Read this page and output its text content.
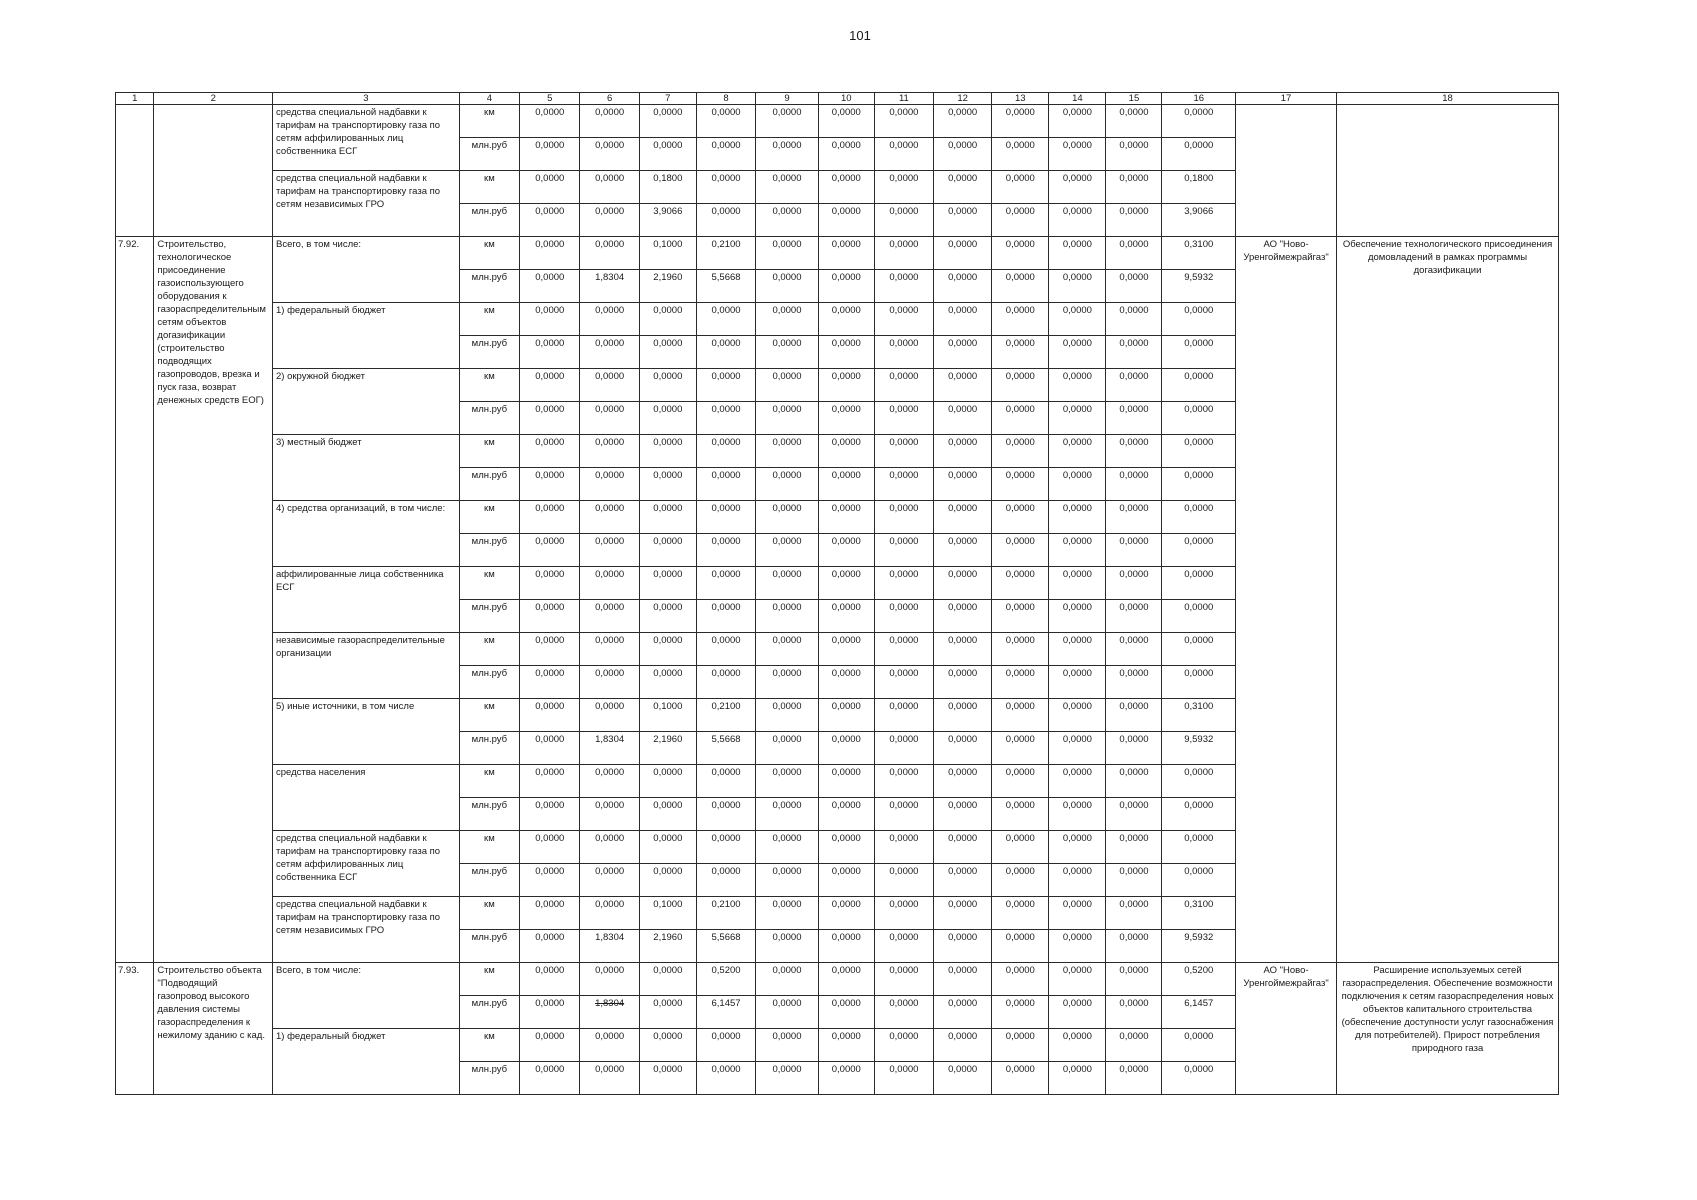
101
1	2	3	4	5	6	7	8	9	10	11	12	13	14	15	16	17	18
		средства специальной надбавки к тарифам на транспортировку газа по сетям аффилированных лиц собственника ЕСГ	км	0,0000	0,0000	0,0000	0,0000	0,0000	0,0000	0,0000	0,0000	0,0000	0,0000	0,0000	0,0000		
			млн.руб	0,0000	0,0000	0,0000	0,0000	0,0000	0,0000	0,0000	0,0000	0,0000	0,0000	0,0000	0,0000		
		средства специальной надбавки к тарифам на транспортировку газа по сетям независимых ГРО	км	0,0000	0,0000	0,1800	0,0000	0,0000	0,0000	0,0000	0,0000	0,0000	0,0000	0,0000	0,1800		
			млн.руб	0,0000	0,0000	3,9066	0,0000	0,0000	0,0000	0,0000	0,0000	0,0000	0,0000	0,0000	3,9066		
7.92.	Строительство, технологическое присоединение газоиспользующего оборудования к газораспределительным сетям объектов догазификации (строительство подводящих газопроводов, врезка и пуск газа, возврат денежных средств ЕОГ)	Всего, в том числе:	км	0,0000	0,0000	0,1000	0,2100	0,0000	0,0000	0,0000	0,0000	0,0000	0,0000	0,0000	0,3100	АО "Ново-Уренгоймежрайгаз"	Обеспечение технологического присоединения домовладений в рамках программы догазификации
			млн.руб	0,0000	1,8304	2,1960	5,5668	0,0000	0,0000	0,0000	0,0000	0,0000	0,0000	0,0000	9,5932		
		1) федеральный бюджет	км	0,0000	0,0000	0,0000	0,0000	0,0000	0,0000	0,0000	0,0000	0,0000	0,0000	0,0000	0,0000		
			млн.руб	0,0000	0,0000	0,0000	0,0000	0,0000	0,0000	0,0000	0,0000	0,0000	0,0000	0,0000	0,0000		
		2) окружной бюджет	км	0,0000	0,0000	0,0000	0,0000	0,0000	0,0000	0,0000	0,0000	0,0000	0,0000	0,0000	0,0000		
			млн.руб	0,0000	0,0000	0,0000	0,0000	0,0000	0,0000	0,0000	0,0000	0,0000	0,0000	0,0000	0,0000		
		3) местный бюджет	км	0,0000	0,0000	0,0000	0,0000	0,0000	0,0000	0,0000	0,0000	0,0000	0,0000	0,0000	0,0000		
			млн.руб	0,0000	0,0000	0,0000	0,0000	0,0000	0,0000	0,0000	0,0000	0,0000	0,0000	0,0000	0,0000		
		4) средства организаций, в том числе:	км	0,0000	0,0000	0,0000	0,0000	0,0000	0,0000	0,0000	0,0000	0,0000	0,0000	0,0000	0,0000		
			млн.руб	0,0000	0,0000	0,0000	0,0000	0,0000	0,0000	0,0000	0,0000	0,0000	0,0000	0,0000	0,0000		
		аффилированные лица собственника ЕСГ	км	0,0000	0,0000	0,0000	0,0000	0,0000	0,0000	0,0000	0,0000	0,0000	0,0000	0,0000	0,0000		
			млн.руб	0,0000	0,0000	0,0000	0,0000	0,0000	0,0000	0,0000	0,0000	0,0000	0,0000	0,0000	0,0000		
		независимые газораспределительные организации	км	0,0000	0,0000	0,0000	0,0000	0,0000	0,0000	0,0000	0,0000	0,0000	0,0000	0,0000	0,0000		
			млн.руб	0,0000	0,0000	0,0000	0,0000	0,0000	0,0000	0,0000	0,0000	0,0000	0,0000	0,0000	0,0000		
		5) иные источники, в том числе	км	0,0000	0,0000	0,1000	0,2100	0,0000	0,0000	0,0000	0,0000	0,0000	0,0000	0,0000	0,3100		
			млн.руб	0,0000	1,8304	2,1960	5,5668	0,0000	0,0000	0,0000	0,0000	0,0000	0,0000	0,0000	9,5932		
		средства населения	км	0,0000	0,0000	0,0000	0,0000	0,0000	0,0000	0,0000	0,0000	0,0000	0,0000	0,0000	0,0000		
			млн.руб	0,0000	0,0000	0,0000	0,0000	0,0000	0,0000	0,0000	0,0000	0,0000	0,0000	0,0000	0,0000		
		средства специальной надбавки к тарифам на транспортировку газа по сетям аффилированных лиц собственника ЕСГ	км	0,0000	0,0000	0,0000	0,0000	0,0000	0,0000	0,0000	0,0000	0,0000	0,0000	0,0000	0,0000		
			млн.руб	0,0000	0,0000	0,0000	0,0000	0,0000	0,0000	0,0000	0,0000	0,0000	0,0000	0,0000	0,0000		
		средства специальной надбавки к тарифам на транспортировку газа по сетям независимых ГРО	км	0,0000	0,0000	0,1000	0,2100	0,0000	0,0000	0,0000	0,0000	0,0000	0,0000	0,0000	0,3100		
			млн.руб	0,0000	1,8304	2,1960	5,5668	0,0000	0,0000	0,0000	0,0000	0,0000	0,0000	0,0000	9,5932		
7.93.	Строительство объекта "Подводящий газопровод высокого давления системы газораспределения к нежилому зданию с кад.	Всего, в том числе:	км	0,0000	0,0000	0,0000	0,5200	0,0000	0,0000	0,0000	0,0000	0,0000	0,0000	0,0000	0,5200	АО "Ново-Уренгоймежрайгаз"	Расширение используемых сетей газораспределения. Обеспечение возможности подключения к сетям газораспределения новых объектов капитального строительства (обеспечение доступности услуг газоснабжения для потребителей). Прирост потребления природного газа
			млн.руб	0,0000	1,8304	0,0000	6,1457	0,0000	0,0000	0,0000	0,0000	0,0000	0,0000	0,0000	6,1457		
		1) федеральный бюджет	км	0,0000	0,0000	0,0000	0,0000	0,0000	0,0000	0,0000	0,0000	0,0000	0,0000	0,0000	0,0000		
			млн.руб	0,0000	0,0000	0,0000	0,0000	0,0000	0,0000	0,0000	0,0000	0,0000	0,0000	0,0000	0,0000		
